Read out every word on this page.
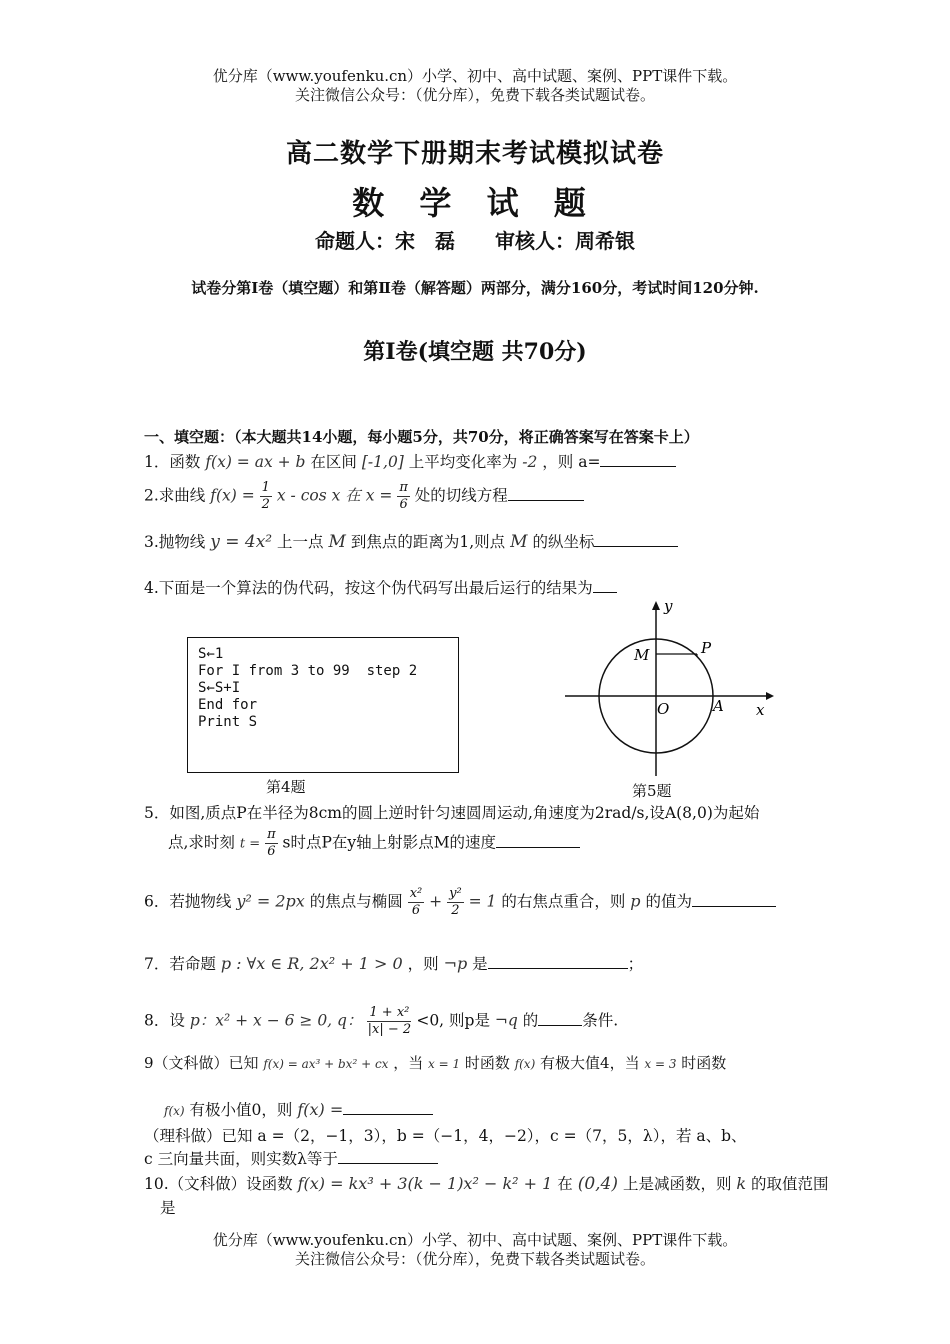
优分库（www.youfenku.cn）小学、初中、高中试题、案例、PPT课件下载。
关注微信公众号：（优分库），免费下载各类试题试卷。
高二数学下册期末考试模拟试卷
数 学 试 题
命题人：宋　磊　　审核人：周希银
试卷分第Ⅰ卷（填空题）和第Ⅱ卷（解答题）两部分，满分160分，考试时间120分钟.
第Ⅰ卷(填空题 共70分)
一、填空题：（本大题共14小题，每小题5分，共70分，将正确答案写在答案卡上）
1．函数 f(x) = ax + b 在区间 [-1,0] 上平均变化率为 -2 ，则 a=
2.求曲线 $f(x) = \frac{1}{2}$ x - cos x 在 $x = \frac{\pi}{6}$ 处的切线方程
3.抛物线 y = 4x² 上一点 M 到焦点的距离为1,则点 M 的纵坐标
4.下面是一个算法的伪代码，按这个伪代码写出最后运行的结果为
S←1
For I from 3 to 99  step 2
S←S+I
End for
Print S
第4题
y
x
M	P
O	A
第5题
5．如图,质点P在半径为8cm的圆上逆时针匀速圆周运动,角速度为2rad/s,设A(8,0)为起始
点,求时刻 $t = \frac{\pi}{6}$ s时点P在y轴上射影点M的速度
6．若抛物线 y² = 2px 的焦点与椭圆 $\frac{\text{x²}}{6} + \frac{\text{y²}}{2} = 1$ 的右焦点重合，则 p 的值为
7．若命题 p : ∀x ∈ R, 2x² + 1 > 0 ，则 ¬p 是	；
8．设 p：x² + x − 6 ≥ 0, q： $\frac{\text{1 + x²}}{|x| - 2} <0$, 则p是 ¬q 的	条件.
9（文科做）已知 f(x) = ax³ + bx² + cx ，当 x = 1 时函数 f(x) 有极大值4，当 x = 3 时函数
f(x) 有极小值0，则 f(x) =
（理科做）已知 a =（2，−1，3），b =（−1，4，−2），c =（7，5，λ），若 a、b、
c 三向量共面，则实数λ等于
10.（文科做）设函数 f(x) = kx³ + 3(k − 1)x² − k² + 1 在 (0,4) 上是减函数，则 k 的取值范围
是
优分库（www.youfenku.cn）小学、初中、高中试题、案例、PPT课件下载。
关注微信公众号：（优分库），免费下载各类试题试卷。
